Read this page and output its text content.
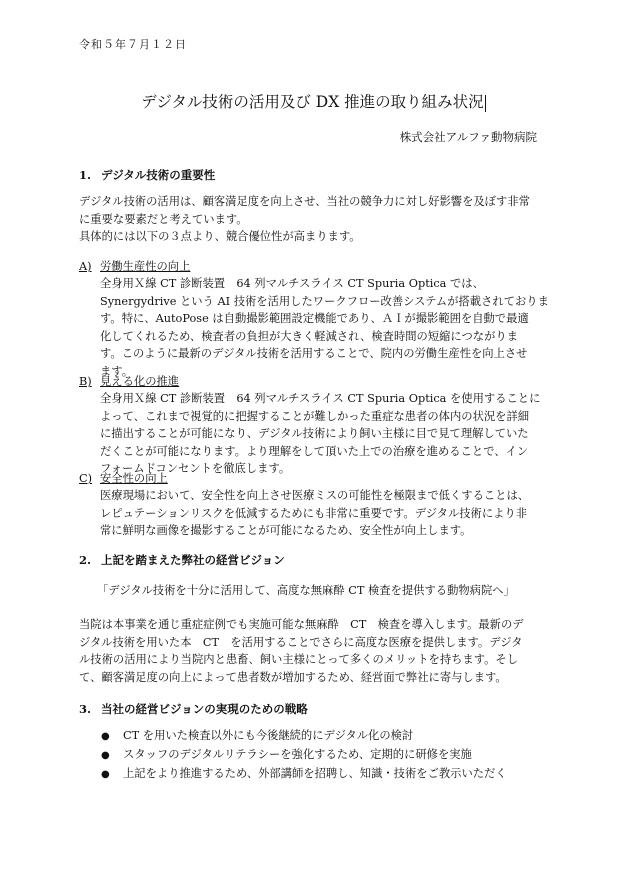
令和５年７月１２日
デジタル技術の活用及び DX 推進の取り組み状況
株式会社アルファ動物病院
1. デジタル技術の重要性
デジタル技術の活用は、顧客満足度を向上させ、当社の競争力に対し好影響を及ぼす非常
に重要な要素だと考えています。
具体的には以下の３点より、競合優位性が高まります。
A) 労働生産性の向上
全身用Ｘ線 CT 診断装置　64 列マルチスライス CT Spuria Optica では、
Synergydrive という AI 技術を活用したワークフロー改善システムが搭載されておりま
す。特に、AutoPose は自動撮影範囲設定機能であり、ＡＩが撮影範囲を自動で最適
化してくれるため、検査者の負担が大きく軽減され、検査時間の短縮につながりま
す。このように最新のデジタル技術を活用することで、院内の労働生産性を向上させ
ます。
B) 見える化の推進
全身用Ｘ線 CT 診断装置　64 列マルチスライス CT Spuria Optica を使用することに
よって、これまで視覚的に把握することが難しかった重症な患者の体内の状況を詳細
に描出することが可能になり、デジタル技術により飼い主様に目で見て理解していた
だくことが可能になります。より理解をして頂いた上での治療を進めることで、イン
フォームドコンセントを徹底します。
C) 安全性の向上
医療現場において、安全性を向上させ医療ミスの可能性を極限まで低くすることは、
レピュテーションリスクを低減するためにも非常に重要です。デジタル技術により非
常に鮮明な画像を撮影することが可能になるため、安全性が向上します。
2. 上記を踏まえた弊社の経営ビジョン
「デジタル技術を十分に活用して、高度な無麻酔 CT 検査を提供する動物病院へ」
当院は本事業を通じ重症症例でも実施可能な無麻酔　CT　検査を導入します。最新のデ
ジタル技術を用いた本　CT　を活用することでさらに高度な医療を提供します。デジタ
ル技術の活用により当院内と患畜、飼い主様にとって多くのメリットを持ちます。そし
て、顧客満足度の向上によって患者数が増加するため、経営面で弊社に寄与します。
3. 当社の経営ビジョンの実現のための戦略
● CT を用いた検査以外にも今後継続的にデジタル化の検討
● スタッフのデジタルリテラシーを強化するため、定期的に研修を実施
● 上記をより推進するため、外部講師を招聘し、知識・技術をご教示いただく
